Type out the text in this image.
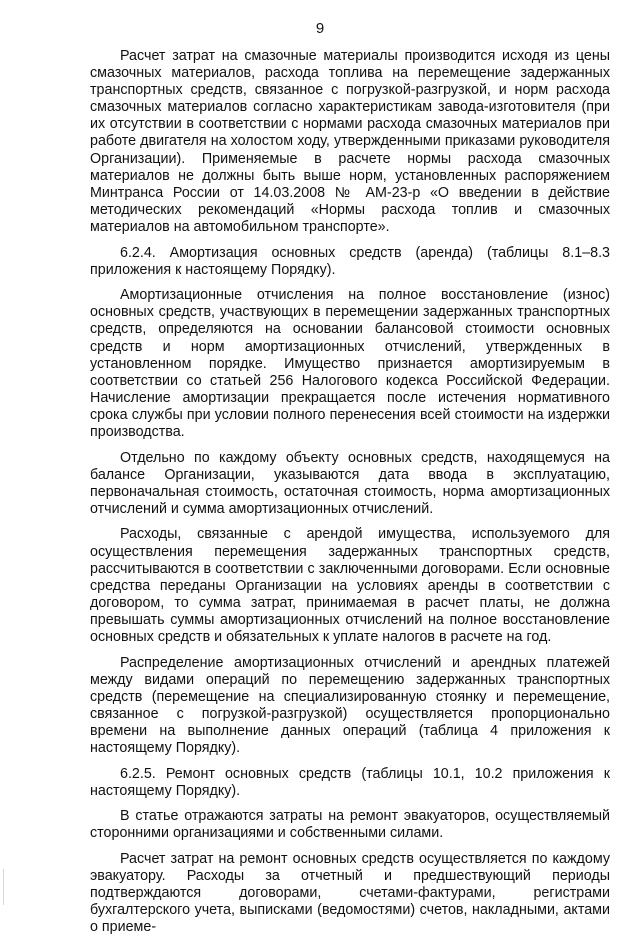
9

Расчет затрат на смазочные материалы производится исходя из цены смазочных материалов, расхода топлива на перемещение задержанных транспортных средств, связанное с погрузкой-разгрузкой, и норм расхода смазочных материалов согласно характеристикам завода-изготовителя (при их отсутствии в соответствии с нормами расхода смазочных материалов при работе двигателя на холостом ходу, утвержденными приказами руководителя Организации). Применяемые в расчете нормы расхода смазочных материалов не должны быть выше норм, установленных распоряжением Минтранса России от 14.03.2008 № АМ-23-р «О введении в действие методических рекомендаций «Нормы расхода топлив и смазочных материалов на автомобильном транспорте».

6.2.4. Амортизация основных средств (аренда) (таблицы 8.1–8.3 приложения к настоящему Порядку).

Амортизационные отчисления на полное восстановление (износ) основных средств, участвующих в перемещении задержанных транспортных средств, определяются на основании балансовой стоимости основных средств и норм амортизационных отчислений, утвержденных в установленном порядке. Имущество признается амортизируемым в соответствии со статьей 256 Налогового кодекса Российской Федерации. Начисление амортизации прекращается после истечения нормативного срока службы при условии полного перенесения всей стоимости на издержки производства.

Отдельно по каждому объекту основных средств, находящемуся на балансе Организации, указываются дата ввода в эксплуатацию, первоначальная стоимость, остаточная стоимость, норма амортизационных отчислений и сумма амортизационных отчислений.

Расходы, связанные с арендой имущества, используемого для осуществления перемещения задержанных транспортных средств, рассчитываются в соответствии с заключенными договорами. Если основные средства переданы Организации на условиях аренды в соответствии с договором, то сумма затрат, принимаемая в расчет платы, не должна превышать суммы амортизационных отчислений на полное восстановление основных средств и обязательных к уплате налогов в расчете на год.

Распределение амортизационных отчислений и арендных платежей между видами операций по перемещению задержанных транспортных средств (перемещение на специализированную стоянку и перемещение, связанное с погрузкой-разгрузкой) осуществляется пропорционально времени на выполнение данных операций (таблица 4 приложения к настоящему Порядку).

6.2.5. Ремонт основных средств (таблицы 10.1, 10.2 приложения к настоящему Порядку).

В статье отражаются затраты на ремонт эвакуаторов, осуществляемый сторонними организациями и собственными силами.

Расчет затрат на ремонт основных средств осуществляется по каждому эвакуатору. Расходы за отчетный и предшествующий периоды подтверждаются договорами, счетами-фактурами, регистрами бухгалтерского учета, выписками (ведомостями) счетов, накладными, актами о приеме-
